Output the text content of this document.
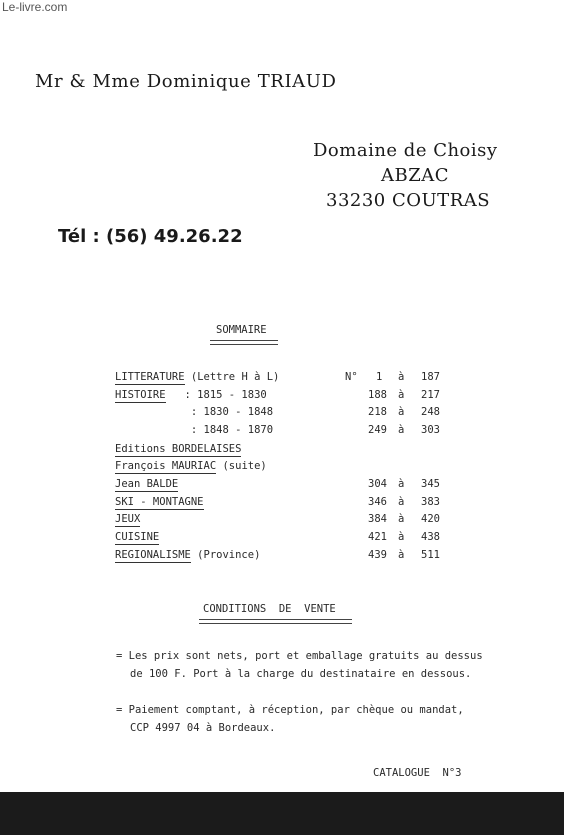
Le-livre.com
Mr & Mme Dominique TRIAUD
Domaine de Choisy
ABZAC
33230 COUTRAS
Tél : (56) 49.26.22
SOMMAIRE
LITTERATURE (Lettre H à L)	N° 1 à 187
HISTOIRE   : 1815 - 1830	188 à 217
: 1830 - 1848	218 à 248
: 1848 - 1870	249 à 303
Editions BORDELAISES
François MAURIAC (suite)
Jean BALDE	304 à 345
SKI - MONTAGNE	346 à 383
JEUX	384 à 420
CUISINE	421 à 438
REGIONALISME (Province)	439 à 511
CONDITIONS  DE  VENTE
= Les prix sont nets, port et emballage gratuits au dessus
de 100 F. Port à la charge du destinataire en dessous.
= Paiement comptant, à réception, par chèque ou mandat,
CCP 4997 04 à Bordeaux.
CATALOGUE  N°3
